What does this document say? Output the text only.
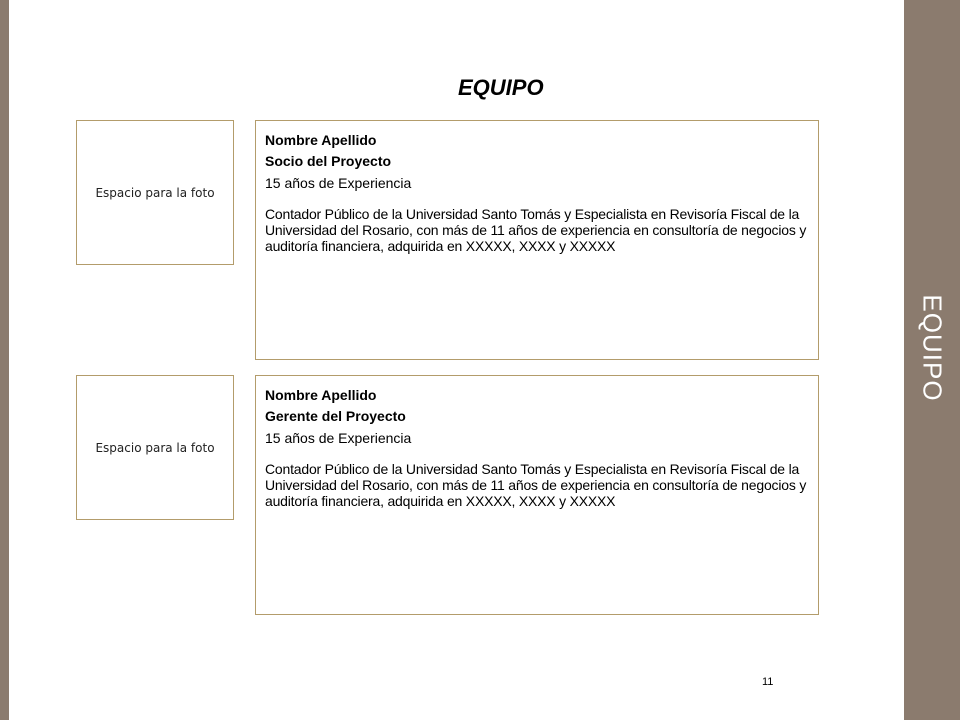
EQUIPO
EQUIPO
Espacio para la foto
Nombre Apellido
Socio del Proyecto
15 años de Experiencia
Contador Público de la Universidad Santo Tomás y Especialista en Revisoría Fiscal de la Universidad del Rosario, con más de 11 años de experiencia en consultoría de negocios y auditoría financiera, adquirida en XXXXX, XXXX y XXXXX
Espacio para la foto
Nombre Apellido
Gerente del Proyecto
15 años de Experiencia
Contador Público de la Universidad Santo Tomás y Especialista en Revisoría Fiscal de la Universidad del Rosario, con más de 11 años de experiencia en consultoría de negocios y auditoría financiera, adquirida en XXXXX, XXXX y XXXXX
11
